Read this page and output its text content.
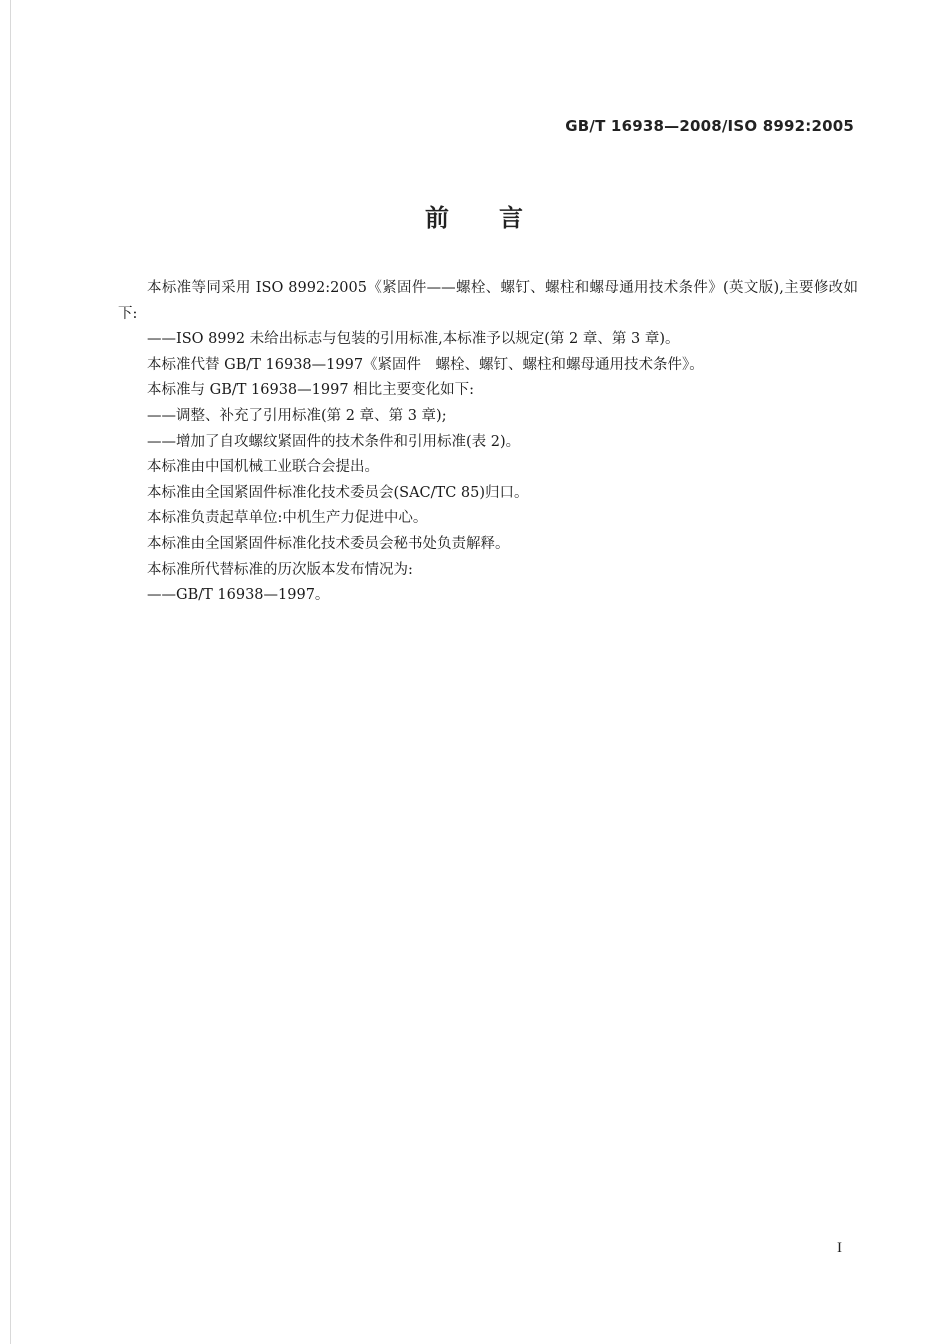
GB/T 16938—2008/ISO 8992:2005
前 言

本标准等同采用 ISO 8992:2005《紧固件——螺栓、螺钉、螺柱和螺母通用技术条件》(英文版),主要修改如下:

——ISO 8992 未给出标志与包装的引用标准,本标准予以规定(第 2 章、第 3 章)。

本标准代替 GB/T 16938—1997《紧固件　螺栓、螺钉、螺柱和螺母通用技术条件》。

本标准与 GB/T 16938—1997 相比主要变化如下:

——调整、补充了引用标准(第 2 章、第 3 章);

——增加了自攻螺纹紧固件的技术条件和引用标准(表 2)。

本标准由中国机械工业联合会提出。

本标准由全国紧固件标准化技术委员会(SAC/TC 85)归口。

本标准负责起草单位:中机生产力促进中心。

本标准由全国紧固件标准化技术委员会秘书处负责解释。

本标准所代替标准的历次版本发布情况为:

——GB/T 16938—1997。

I
